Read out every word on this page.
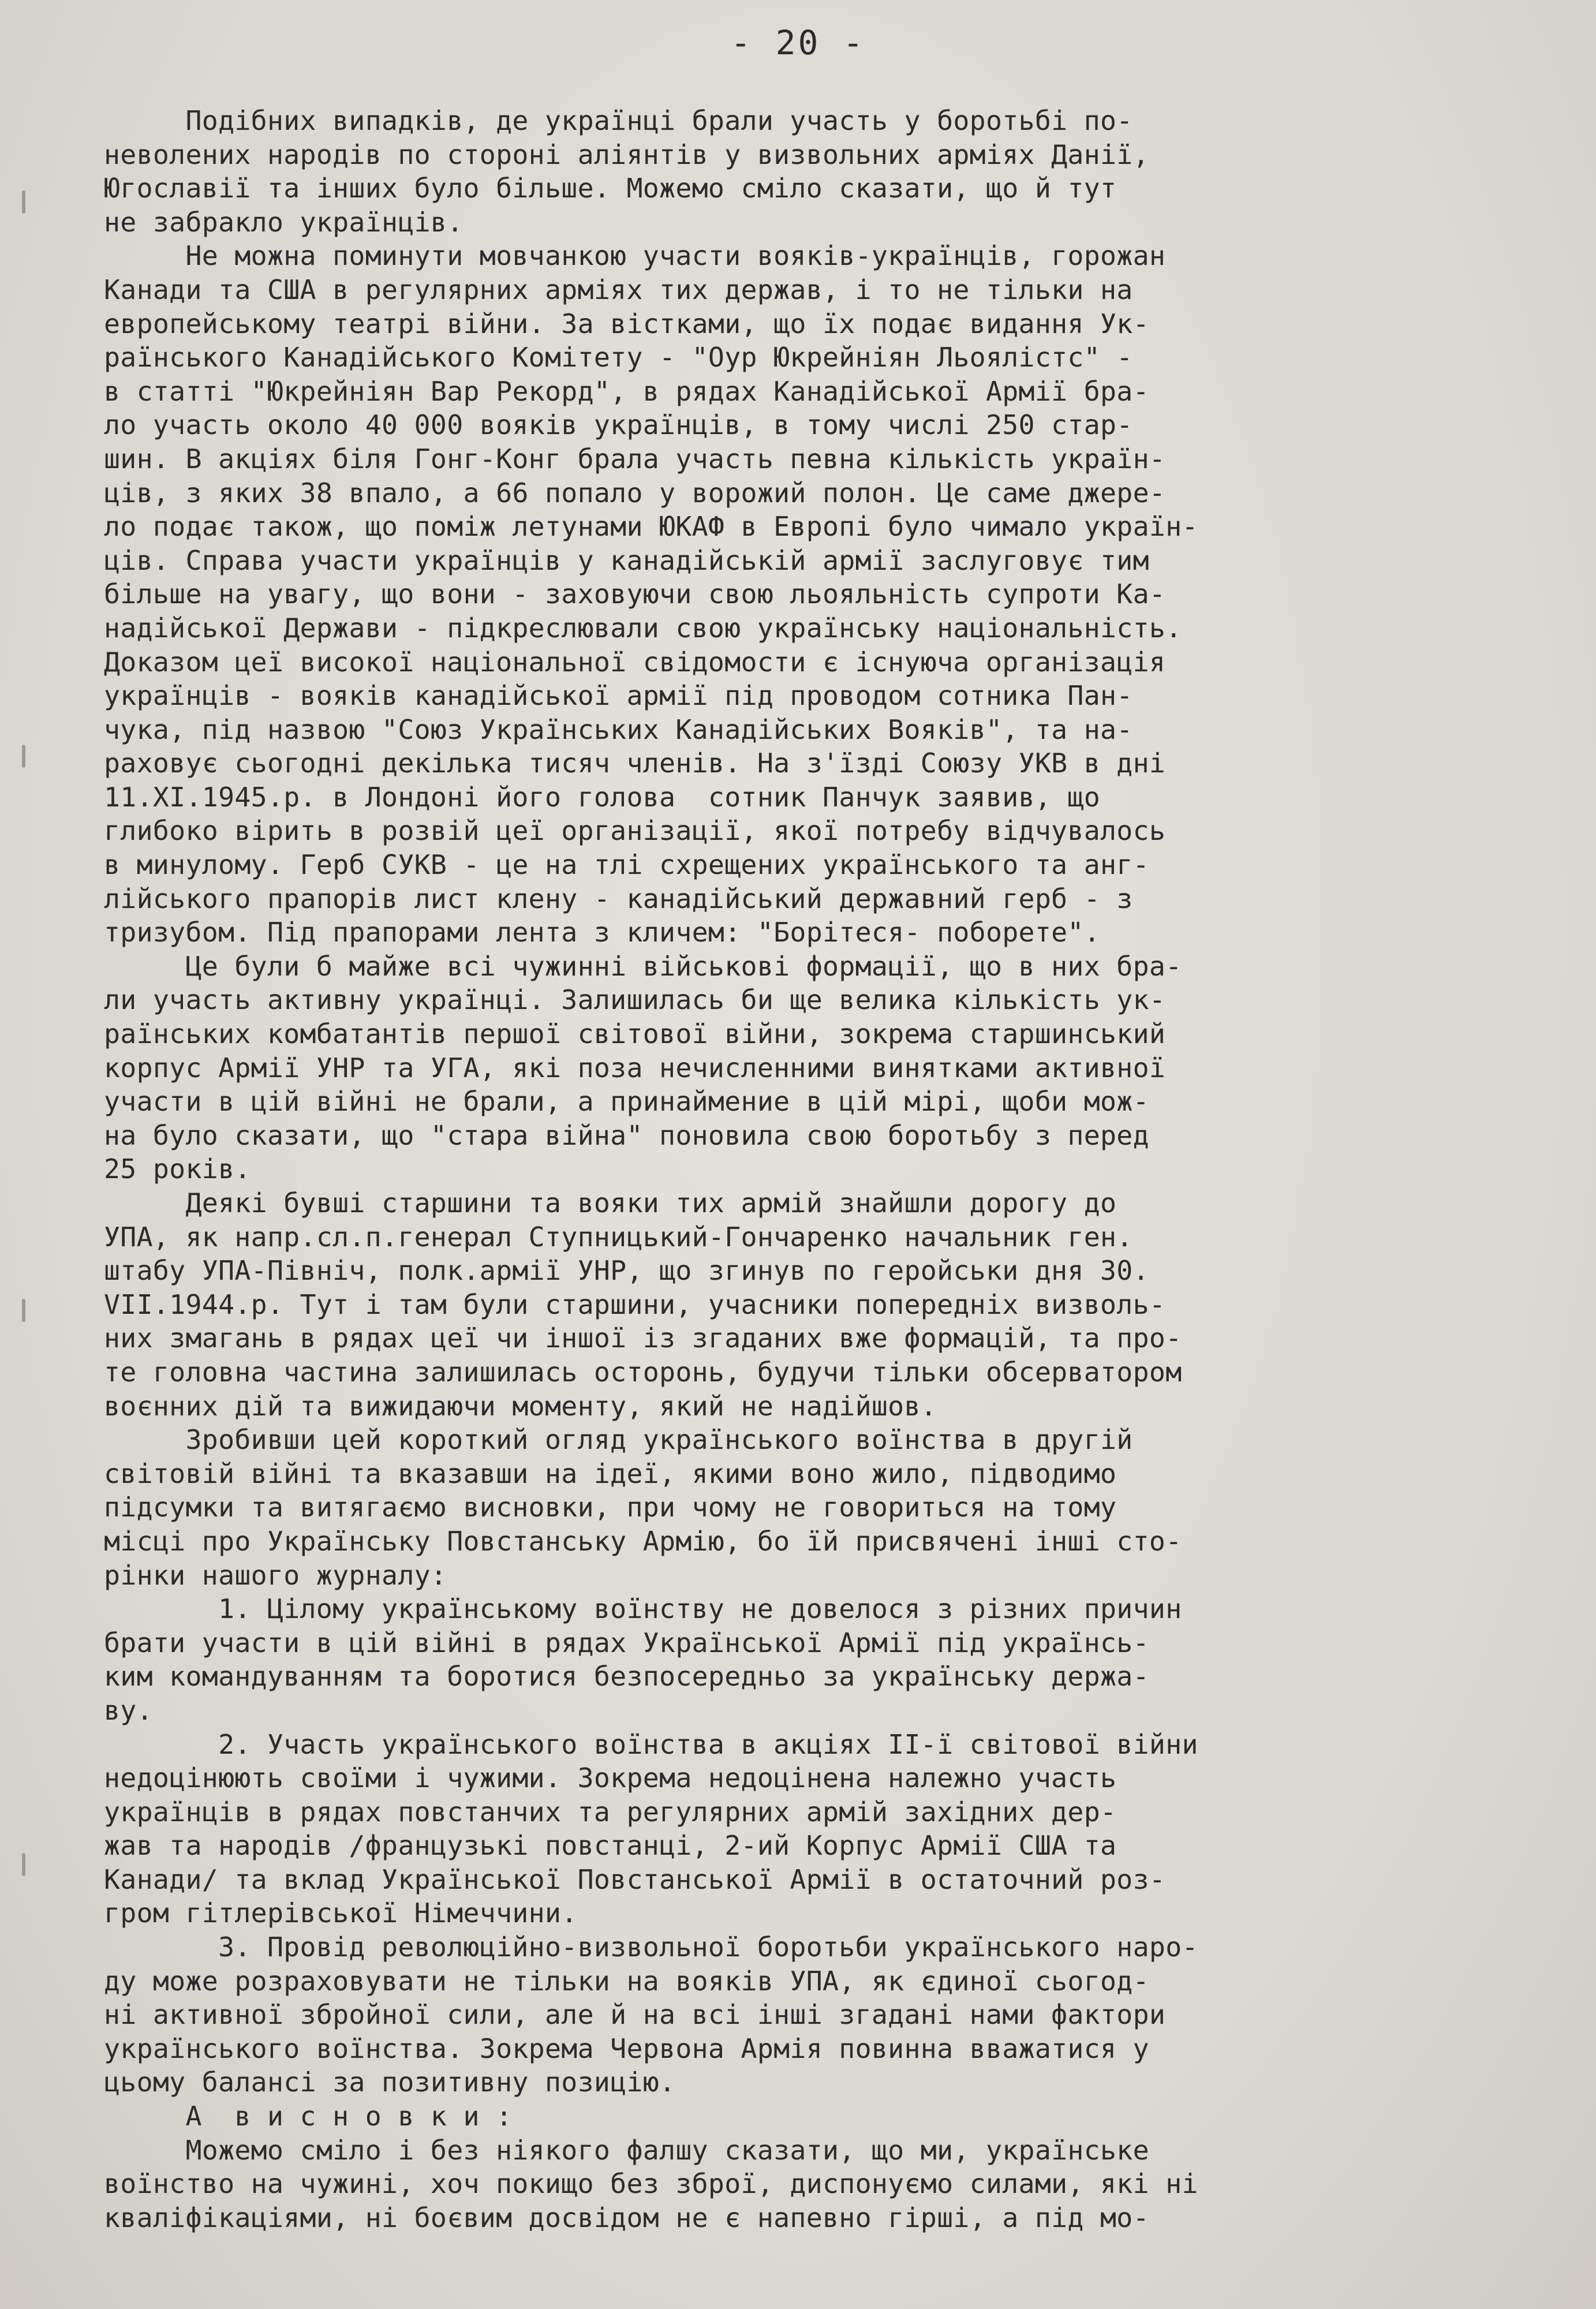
- 20 -
Подібних випадків, де українці брали участь у боротьбі по-
неволених народів по стороні аліянтів у визвольних арміях Данії,
Югославії та інших було більше. Можемо сміло сказати, що й тут
не забракло українців.
Не можна поминути мовчанкою участи вояків-українців, горожан
Канади та США в регулярних арміях тих держав, і то не тільки на
европейському театрі війни. За вістками, що їх подає видання Ук-
раїнського Канадійського Комітету - "Оур Юкрейніян Льоялістс" -
в статті "Юкрейніян Вар Рекорд", в рядах Канадійської Армії бра-
ло участь около 40 000 вояків українців, в тому числі 250 стар-
шин. В акціях біля Гонг-Конг брала участь певна кількість україн-
ців, з яких 38 впало, а 66 попало у ворожий полон. Це саме джере-
ло подає також, що поміж летунами ЮКАФ в Европі було чимало україн-
ців. Справа участи українців у канадійській армії заслуговує тим
більше на увагу, що вони - заховуючи свою льояльність супроти Ка-
надійської Держави - підкреслювали свою українську національність.
Доказом цеї високої національної свідомости є існуюча організація
українців - вояків канадійської армії під проводом сотника Пан-
чука, під назвою "Союз Українських Канадійських Вояків", та на-
раховує сьогодні декілька тисяч членів. На з'їзді Союзу УКВ в дні
11.XI.1945.р. в Лондоні його голова  сотник Панчук заявив, що
глибоко вірить в розвій цеї організації, якої потребу відчувалось
в минулому. Герб СУКВ - це на тлі схрещених українського та анг-
лійського прапорів лист клену - канадійський державний герб - з
тризубом. Під прапорами лента з кличем: "Борітеся- поборете".
Це були б майже всі чужинні військові формації, що в них бра-
ли участь активну українці. Залишилась би ще велика кількість ук-
раїнських комбатантів першої світової війни, зокрема старшинський
корпус Армії УНР та УГА, які поза нечисленними винятками активної
участи в цій війні не брали, а принаймение в цій мірі, щоби мож-
на було сказати, що "стара війна" поновила свою боротьбу з перед
25 років.
Деякі бувші старшини та вояки тих армій знайшли дорогу до
УПА, як напр.сл.п.генерал Ступницький-Гончаренко начальник ген.
штабу УПА-Північ, полк.армії УНР, що згинув по геройськи дня 30.
VII.1944.р. Тут і там були старшини, учасники попередніх визволь-
них змагань в рядах цеї чи іншої із згаданих вже формацій, та про-
те головна частина залишилась осторонь, будучи тільки обсерватором
воєнних дій та вижидаючи моменту, який не надійшов.
Зробивши цей короткий огляд українського воїнства в другій
світовій війні та вказавши на ідеї, якими воно жило, підводимо
підсумки та витягаємо висновки, при чому не говориться на тому
місці про Українську Повстанську Армію, бо їй присвячені інші сто-
рінки нашого журналу:
1. Цілому українському воїнству не довелося з різних причин
брати участи в цій війні в рядах Української Армії під українсь-
ким командуванням та боротися безпосередньо за українську держа-
ву.
2. Участь українського воїнства в акціях II-ї світової війни
недоцінюють своїми і чужими. Зокрема недоцінена належно участь
українців в рядах повстанчих та регулярних армій західних дер-
жав та народів /французькі повстанці, 2-ий Корпус Армії США та
Канади/ та вклад Української Повстанської Армії в остаточний роз-
гром гітлерівської Німеччини.
3. Провід революційно-визвольної боротьби українського наро-
ду може розраховувати не тільки на вояків УПА, як єдиної сьогод-
ні активної збройної сили, але й на всі інші згадані нами фактори
українського воїнства. Зокрема Червона Армія повинна вважатися у
цьому балансі за позитивну позицію.
А  в и с н о в к и :
Можемо сміло і без ніякого фалшу сказати, що ми, українське
воїнство на чужині, хоч покищо без зброї, диспонуємо силами, які ні
кваліфікаціями, ні боєвим досвідом не є напевно гірші, а під мо-
